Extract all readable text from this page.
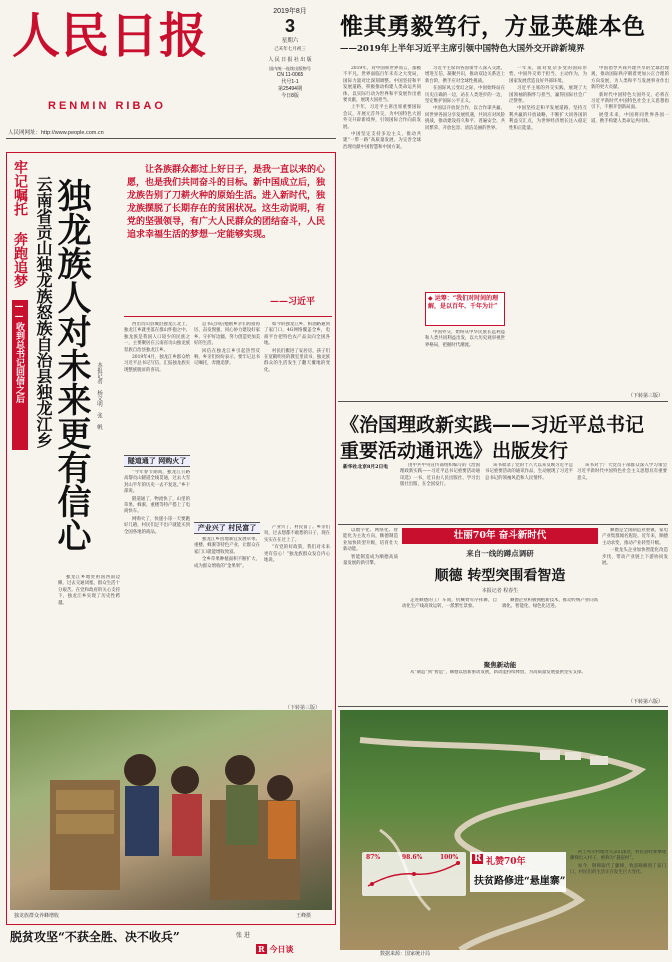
人民日报
RENMIN RIBAO
人民网网址：http://www.people.com.cn
2019年8月
3
星期六
己亥年七月初三
人 民 日 报 社 出 版
国内统一连续出版物号
CN 11-0065
代号1-1
第25494期
今日8版
惟其勇毅笃行，方显英雄本色
——2019年上半年习近平主席引领中国特色大国外交开辟新境界

2019年，对中国和世界而言，都极不平凡。世界面临百年未有之大变局，国际力量对比深刻调整。中国坚持和平发展道路，积极推动构建人类命运共同体，以实际行动为世界和平发展作出重要贡献，展现大国担当。

上半年，习近平主席出席重要国际会议，开展元首外交，为中国特色大国外交开辟新境界，引领国际合作向前发展。

中国坚定支持多边主义，推动共建“一带一路”高质量发展，为完善全球治理贡献中国智慧和中国方案。

习近平主席同各国领导人深入交流，增进互信，凝聚共识，推动双边关系迈上新台阶，携手应对全球性挑战。

在国际风云变幻之际，中国始终站在历史正确的一边，站在人类进步的一边，坚定维护国际公平正义。

中国以开放促合作，以合作谋共赢，同世界各国分享发展机遇，共同应对风险挑战，推动建设持久和平、普遍安全、共同繁荣、开放包容、清洁美丽的世界。

一年来，面对复杂多变的国际形势，中国外交勇于担当、主动作为，为国家发展营造良好外部环境。

习近平主席的外交实践，展现了大国领袖的胸怀与担当，赢得国际社会广泛赞誉。

中国坚持走和平发展道路，坚持互利共赢的开放战略，不断扩大同各国的利益交汇点，为世界经济增长注入稳定性和正能量。

中国倡导共商共建共享的全球治理观，推动国际秩序朝着更加公正合理的方向发展，为人类和平与发展事业作出新的更大贡献。

新时代中国特色大国外交，必将在习近平新时代中国特色社会主义思想指引下，不断开创新局面。

展望未来，中国将同世界各国一道，携手构建人类命运共同体。

（下转第三版）
◆ 运筹：“我们对时间的理解，是以百年、千年为计”

中国外交，始终从中华民族长远利益和人类共同利益出发，以大历史观审视世界格局，把握时代潮流。

牢记嘱托
奔跑追梦
——收到总书记回信之后 云南省贡山独龙族怒族自治县独龙江乡	本报记者 杨文明 张 帆
独龙族人对未来更有信心
让各族群众都过上好日子，是我一直以来的心愿，也是我们共同奋斗的目标。新中国成立后，独龙族告别了刀耕火种的原始生活。进入新时代，独龙族摆脱了长期存在的贫困状况。这生动说明，有党的坚强领导，有广大人民群众的团结奋斗，人民追求幸福生活的梦想一定能够实现。
——习近平

西出贡山县城沿独龙江北上，独龙江乡就坐落在群山怀抱之中。独龙族是我国人口较少的民族之一，主要聚居在云南省贡山独龙族怒族自治县独龙江乡。

2019年4月，独龙江乡群众给习近平总书记写信，汇报独龙族实现整族脱贫的喜讯。

总书记回信勉励乡亲们再接再厉、奋发图强，同心协力建设好家乡、守护好边疆，努力创造更加美好的生活。

回信在独龙江乡引起热烈反响，乡亲们纷纷表示，要牢记总书记嘱托，奔跑追梦。

如今的独龙江乡，柏油路通到了家门口，4G网络覆盖全乡，电商平台把特色农产品卖向全国各地。

村民们搬进了安居房，孩子们在宽敞明亮的教室里读书，独龙族群众的生活发生了翻天覆地的变化。

隧道通了 网购火了

“今年春节期间，独龙江公路高黎贡山隧道全线贯通，过去大雪封山半年的历史一去不复返。”乡干部说。

隧道通了，物流快了，山里的草果、蜂蜜、重楼等特产搭上了电商快车。

网购火了，快递小哥一天要跑好几趟，村民们足不出户就能买到全国各地的商品。

产业兴了 村民富了

独龙江乡因地制宜发展草果、重楼、蜂蜜等特色产业，让群众在家门口就能增收致富。

全乡草果种植面积不断扩大，成为群众增收的“金果果”。

产业兴了，村民富了。乡亲们说，过去想都不敢想的日子，现在实实在在过上了。

“有党的好政策，我们对未来更有信心！”独龙族群众发自内心地说。

独龙江乡地处祖国西南边陲，过去交通闭塞，群众生活十分艰苦。在党和政府的关心支持下，独龙江乡实现了历史性跨越。

独龙族群众养蜂增收	王峰摄
（下转第三版）
《治国理政新实践——习近平总书记
重要活动通讯选》出版发行
新华社北京8月2日电	由中共中央宣传部组织编写的《治国理政新实践——习近平总书记重要活动通讯选》一书，近日由人民出版社、学习出版社出版，在全国发行。

该书收录了党的十八大以来反映习近平总书记重要活动的通讯作品，生动展现了习近平总书记的领袖风范和人民情怀。

该书对于广大党员干部群众深入学习领会习近平新时代中国特色社会主义思想具有重要意义。

以数字化、网络化、智能化为主攻方向，顺德制造业加快转型升级，培育壮大新动能。

智能制造成为顺德高质量发展的新引擎。

壮丽70年 奋斗新时代
来自一线的蹲点调研
顺德 转型突围看智造
本报记者 程春生

走进顺德的工厂车间，机械臂有序挥舞，自动化生产线高效运转，一派繁忙景象。

顺德企业积极拥抱新技术，推动传统产业向高端化、智能化、绿色化迈进。

聚焦新动能

从“制造”到“智造”，顺德以创新驱动发展，新动能持续释放，为高质量发展提供坚实支撑。

顺德是全国制造业重镇，家电产业集群闻名遐迩。近年来，顺德主动求变，推动产业转型升级。

一批龙头企业加快智能化改造步伐，带动产业链上下游协同发展。

（下转第六版）
87%	98.6%	100%
数据来源：国家统计局
R 礼赞70年
扶贫路修进“悬崖寨”

阿土列尔村地处大凉山深处，村民曾经要攀爬藤梯出入村子，被称为“悬崖村”。

如今，钢梯取代了藤梯，致富路修到了家门口，村民们的生活正在发生巨大变化。

脱贫攻坚“不获全胜、决不收兵”	张 进
R 今日谈
